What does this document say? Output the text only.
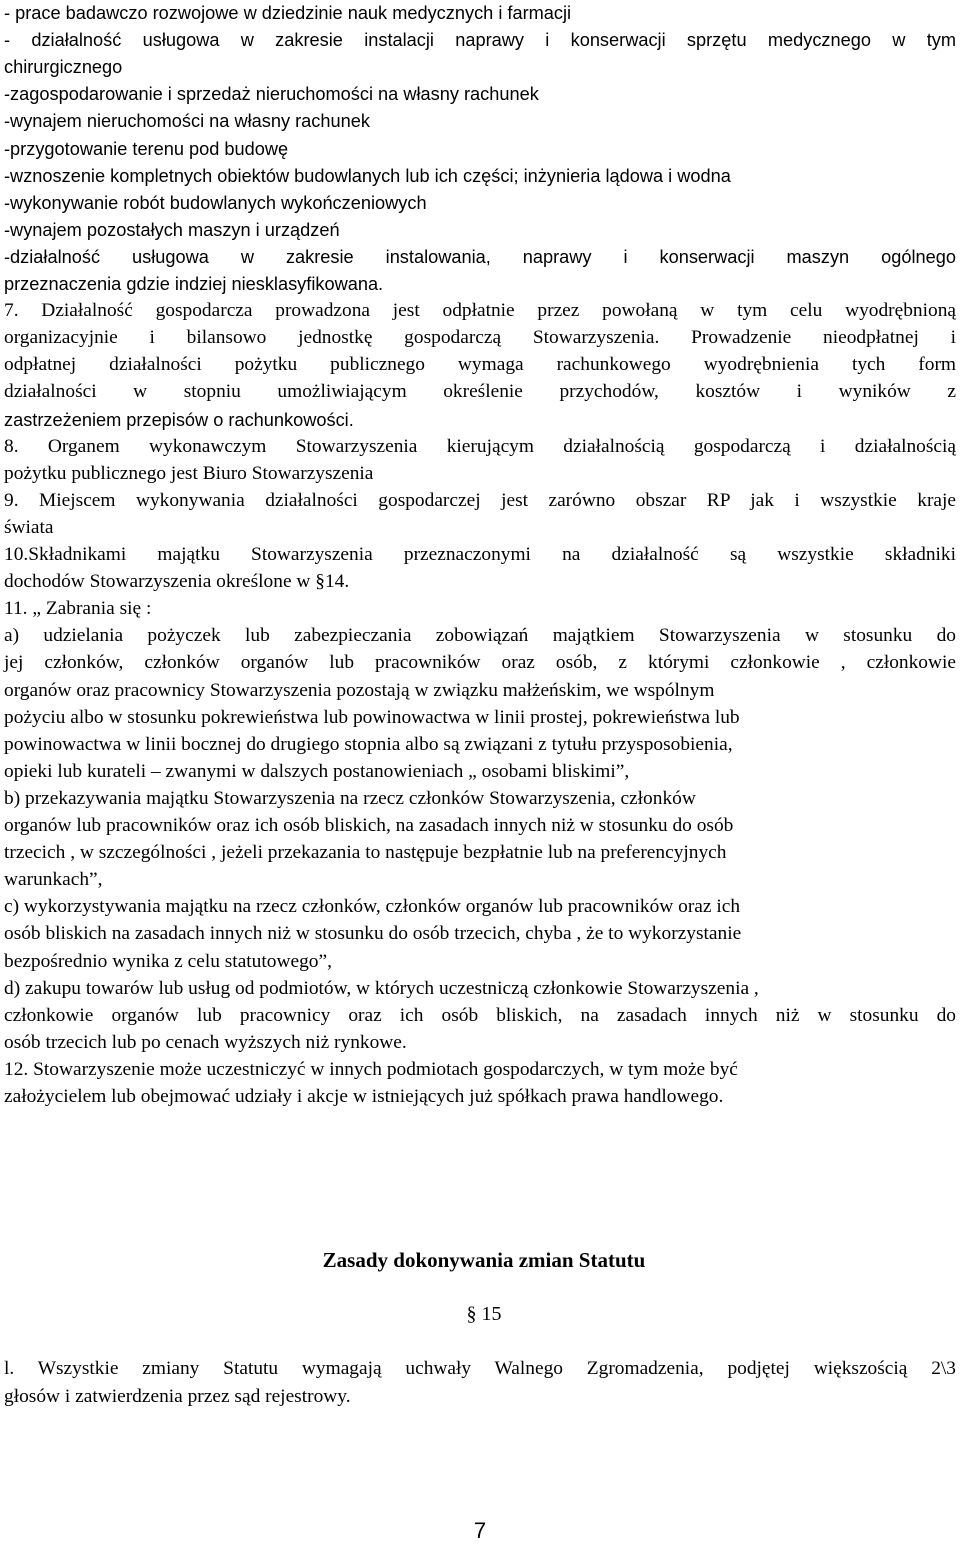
- prace badawczo rozwojowe w dziedzinie nauk medycznych i farmacji
- działalność usługowa w zakresie instalacji naprawy i konserwacji sprzętu medycznego w tym
chirurgicznego
-zagospodarowanie i sprzedaż nieruchomości na własny rachunek
-wynajem nieruchomości na własny rachunek
-przygotowanie terenu pod budowę
-wznoszenie kompletnych obiektów budowlanych lub ich części; inżynieria lądowa i wodna
-wykonywanie robót budowlanych wykończeniowych
-wynajem pozostałych maszyn i urządzeń
-działalność usługowa w zakresie instalowania, naprawy i konserwacji maszyn ogólnego
przeznaczenia gdzie indziej niesklasyfikowana.
7. Działalność gospodarcza prowadzona jest odpłatnie przez powołaną w tym celu wyodrębnioną
organizacyjnie i bilansowo jednostkę gospodarczą Stowarzyszenia. Prowadzenie nieodpłatnej i
odpłatnej działalności pożytku publicznego wymaga rachunkowego wyodrębnienia tych form
działalności w stopniu umożliwiającym określenie przychodów, kosztów i wyników z
zastrzeżeniem przepisów o rachunkowości.
8. Organem wykonawczym Stowarzyszenia kierującym działalnością gospodarczą i działalnością
pożytku publicznego jest Biuro Stowarzyszenia
9. Miejscem wykonywania działalności gospodarczej jest zarówno obszar RP jak i wszystkie kraje
świata
10.Składnikami majątku Stowarzyszenia przeznaczonymi na działalność są wszystkie składniki
dochodów Stowarzyszenia określone w §14.
11. „ Zabrania się :
a) udzielania pożyczek lub zabezpieczania zobowiązań majątkiem Stowarzyszenia w stosunku do
jej członków, członków organów lub pracowników oraz osób, z którymi członkowie , członkowie
organów oraz pracownicy Stowarzyszenia pozostają w związku małżeńskim, we wspólnym
pożyciu albo w stosunku pokrewieństwa lub powinowactwa w linii prostej, pokrewieństwa lub
powinowactwa w linii bocznej do drugiego stopnia albo są związani z tytułu przysposobienia,
opieki lub kurateli – zwanymi w dalszych postanowieniach „ osobami bliskimi”,
b) przekazywania majątku Stowarzyszenia na rzecz członków Stowarzyszenia, członków
organów lub pracowników oraz ich osób bliskich, na zasadach innych niż w stosunku do osób
trzecich , w szczególności , jeżeli przekazania to następuje bezpłatnie lub na preferencyjnych
warunkach”,
c) wykorzystywania majątku na rzecz członków, członków organów lub pracowników oraz ich
osób bliskich na zasadach innych niż w stosunku do osób trzecich, chyba , że to wykorzystanie
bezpośrednio wynika z celu statutowego”,
d) zakupu towarów lub usług od podmiotów, w których uczestniczą członkowie Stowarzyszenia ,
członkowie organów lub pracownicy oraz ich osób bliskich, na zasadach innych niż w stosunku do
osób trzecich lub po cenach wyższych niż rynkowe.
12. Stowarzyszenie może uczestniczyć w innych podmiotach gospodarczych, w tym może być
założycielem lub obejmować udziały i akcje w istniejących już spółkach prawa handlowego.
Zasady dokonywania zmian Statutu
§ 15
l. Wszystkie zmiany Statutu wymagają uchwały Walnego Zgromadzenia, podjętej większością 2\3
głosów i zatwierdzenia przez sąd rejestrowy.
7
